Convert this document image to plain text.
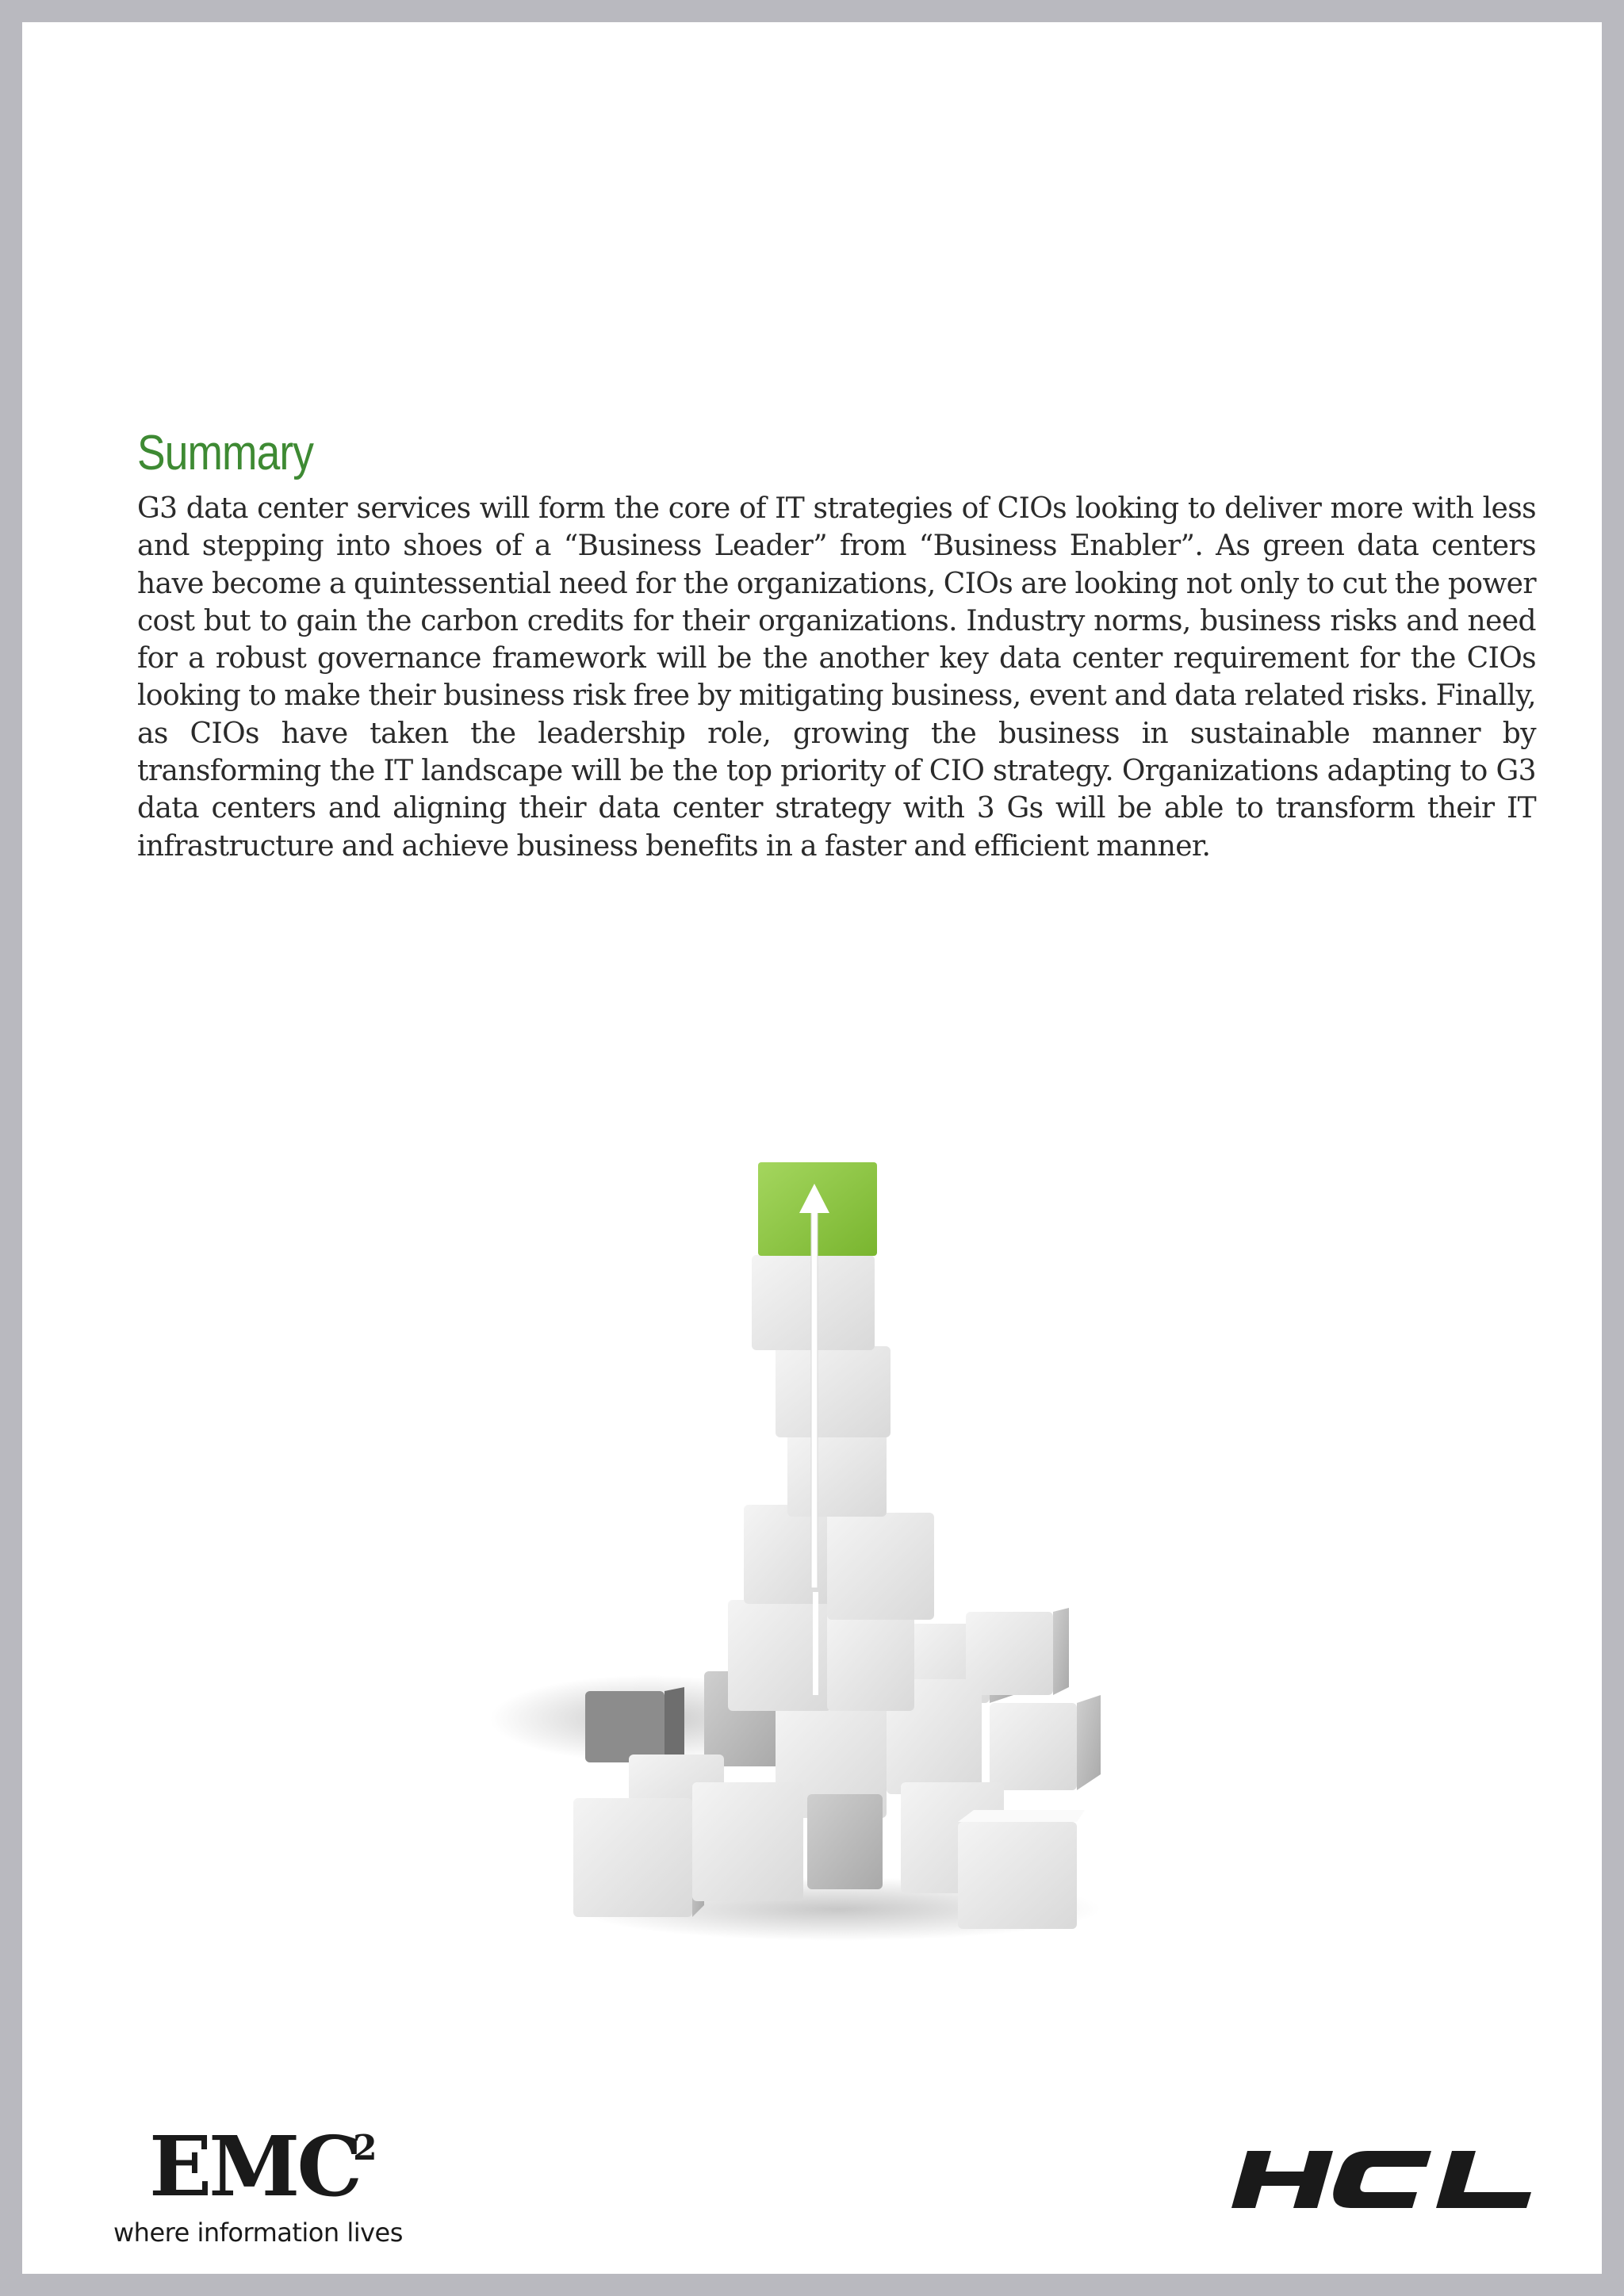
Summary

G3 data center services will form the core of IT strategies of CIOs looking to deliver more with less and stepping into shoes of a “Business Leader” from “Business Enabler”. As green data centers have become a quintessential need for the organizations, CIOs are looking not only to cut the power cost but to gain the carbon credits for their organizations. Industry norms, business risks and need for a robust governance framework will be the another key data center requirement for the CIOs looking to make their business risk free by mitigating business, event and data related risks. Finally, as CIOs have taken the leadership role, growing the business in sustainable manner by transforming the IT landscape will be the top priority of CIO strategy. Organizations adapting to G3 data centers and aligning their data center strategy with 3 Gs will be able to transform their IT infrastructure and achieve business benefits in a faster and efficient manner.

EMC
2
where information lives
